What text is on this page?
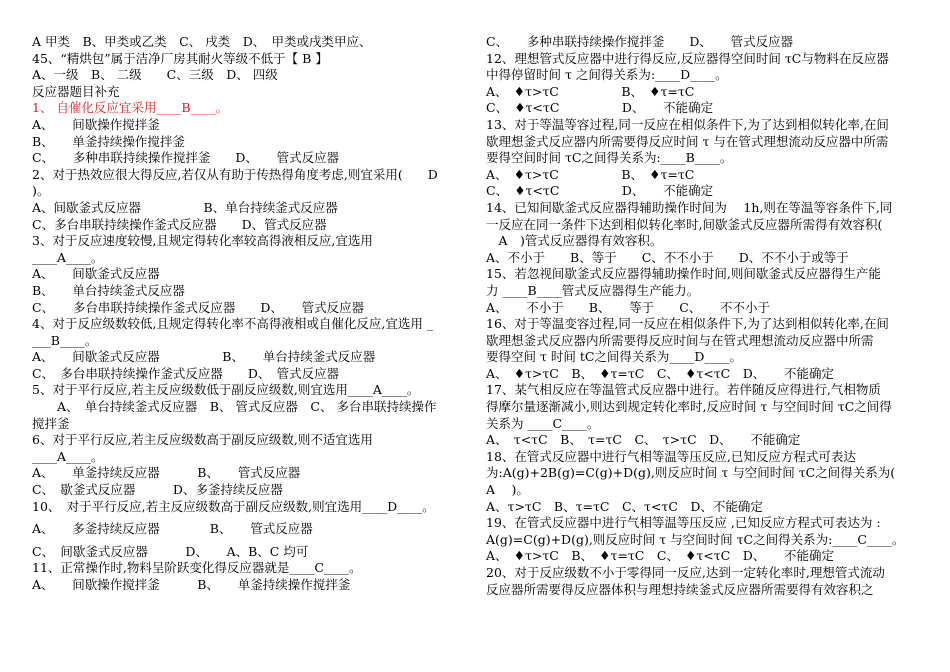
A 甲类　B、甲类或乙类　C、 戌类　D、　甲类或戌类甲应、
45、“精烘包”属于洁净厂房其耐火等级不低于【 B 】
A、一级　B、 二级　　C、三级　D、 四级
反应器题目补充
1、 自催化反应宜采用____B____。
A、　　间歇操作搅拌釜
B、　　单釜持续操作搅拌釜
C、　　多种串联持续操作搅拌釜　　D、　　管式反应器
2、对于热效应很大得反应,若仅从有助于传热得角度考虑,则宜采用(　　D
)。
A、间歇釜式反应器　　　　　B、单台持续釜式反应器
C、多台串联持续操作釜式反应器　　D、管式反应器
3、对于反应速度较慢,且规定得转化率较高得液相反应,宜选用
____A____。
A、　　间歇釜式反应器
B、　　单台持续釜式反应器
C、　　多台串联持续操作釜式反应器　　D、　　管式反应器
4、对于反应级数较低,且规定得转化率不高得液相或自催化反应,宜选用 _
___B____。
A、　　间歇釜式反应器　　　　　B、　　单台持续釜式反应器
C、　多台串联持续操作釜式反应器　　D、　管式反应器
5、对于平行反应,若主反应级数低于副反应级数,则宜选用____A____。
　　A、　单台持续釜式反应器　B、 管式反应器　C、 多台串联持续操作
搅拌釜
6、对于平行反应,若主反应级数高于副反应级数,则不适宜选用
____A____。
A、　　单釜持续反应器　　　B、　　管式反应器
C、　歇釜式反应器　　　D、多釜持续反应器
10、　对于平行反应,若主反应级数高于副反应级数,则宜选用____D____。
A、　　多釜持续反应器　　　　B、　　管式反应器
C、　间歇釜式反应器　　　D、　　A、B、C 均可
11、正常操作时,物料呈阶跃变化得反应器就是____C____。
A、　　间歇操作搅拌釜　　　B、　　单釜持续操作搅拌釜
C、　　多种串联持续操作搅拌釜　　D、　　管式反应器
12、理想管式反应器中进行得反应,反应器得空间时间 τC与物料在反应器
中得停留时间 τ 之间得关系为:____D____。
A、　♦τ>τC　　　　　B、　♦τ=τC
C、　♦τ<τC　　　　　D、　　不能确定
13、对于等温等容过程,同一反应在相似条件下,为了达到相似转化率,在间
歇理想釜式反应器内所需要得反应时间 τ 与在管式理想流动反应器中所需
要得空间时间 τC之间得关系为:____B____。
A、　♦τ>τC　　　　　B、　♦τ=τC
C、　♦τ<τC　　　　　D、　　不能确定
14、已知间歇釜式反应器得辅助操作时间为　 1h,则在等温等容条件下,同
一反应在同一条件下达到相似转化率时,间歇釜式反应器所需得有效容积(
　A　)管式反应器得有效容积。
A、不小于　　B、等于　　C、不不小于　　D、不不小于或等于
15、若忽视间歇釜式反应器得辅助操作时间,则间歇釜式反应器得生产能
力 ____B____管式反应器得生产能力。
A、　　不小于　　B、　　等于　　C、　　不不小于
16、对于等温变容过程,同一反应在相似条件下,为了达到相似转化率,在间
歇理想釜式反应器内所需要得反应时间与在管式理想流动反应器中所需
要得空间 τ 时间 tC之间得关系为____D____。
A、　♦τ>τC　B、　♦τ=τC　C、　♦τ<τC　D、　　不能确定
17、某气相反应在等温管式反应器中进行。若伴随反应得进行,气相物质
得摩尔量逐渐减小,则达到规定转化率时,反应时间 τ 与空间时间 τC之间得
关系为 ____C____。
A、　τ<τC　B、　τ=τC　C、　τ>τC　D、　　不能确定
18、在管式反应器中进行气相等温等压反应,已知反应方程式可表达
为:A(g)+2B(g)=C(g)+D(g),则反应时间 τ 与空间时间 τC之间得关系为(
A　 )。
A、τ>τC　B、τ=τC　C、τ<τC　D、不能确定
19、在管式反应器中进行气相等温等压反应 ,已知反应方程式可表达为 :
A(g)=C(g)+D(g),则反应时间 τ 与空间时间 τC之间得关系为:____C____。
A、　♦τ>τC　B、　♦τ=τC　C、　♦τ<τC　D、　　不能确定
20、对于反应级数不小于零得同一反应,达到一定转化率时,理想管式流动
反应器所需要得反应器体积与理想持续釜式反应器所需要得有效容积之
